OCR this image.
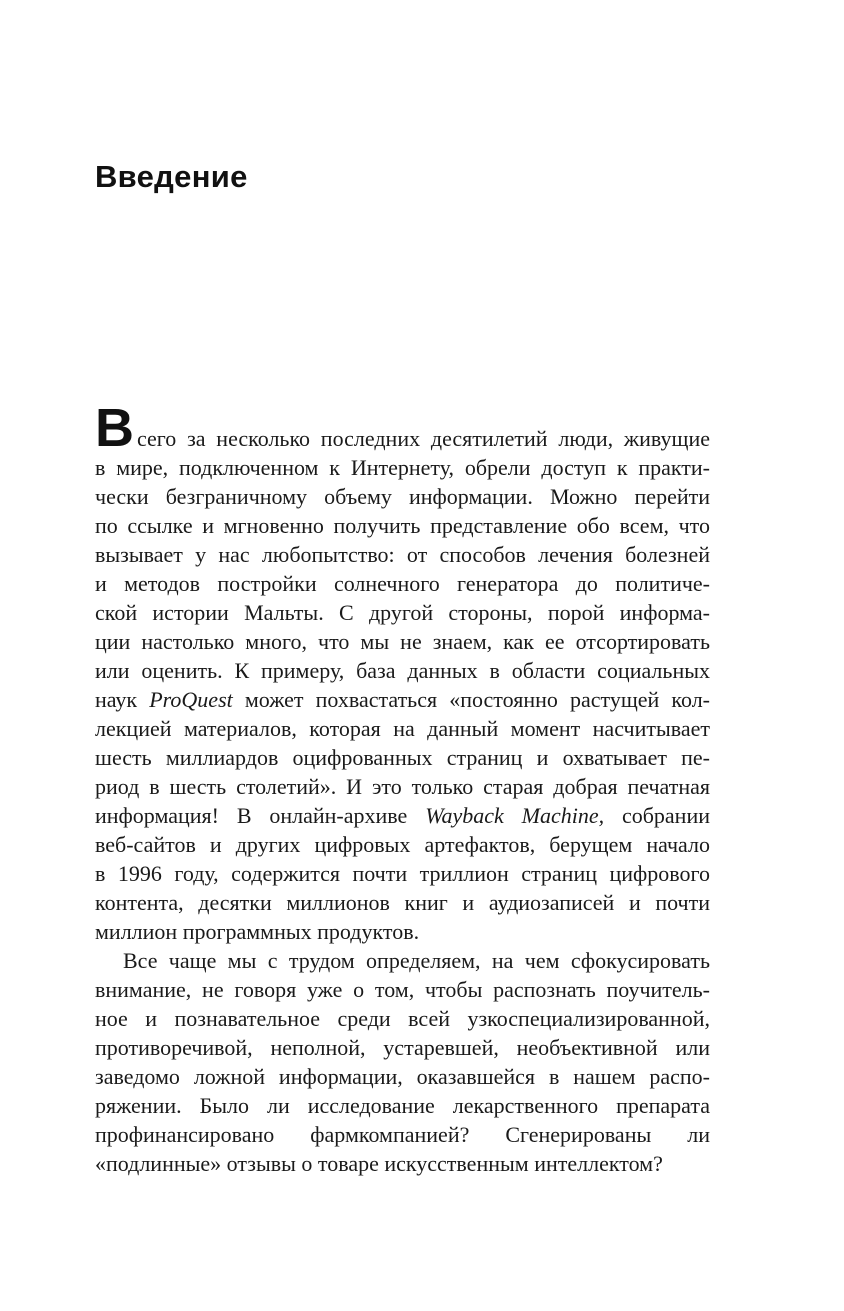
Введение
Всего за несколько последних десятилетий люди, живущие
в мире, подключенном к Интернету, обрели доступ к практи-
чески безграничному объему информации. Можно перейти
по ссылке и мгновенно получить представление обо всем, что
вызывает у нас любопытство: от способов лечения болезней
и методов постройки солнечного генератора до политиче-
ской истории Мальты. С другой стороны, порой информа-
ции настолько много, что мы не знаем, как ее отсортировать
или оценить. К примеру, база данных в области социальных
наук ProQuest может похвастаться «постоянно растущей кол-
лекцией материалов, которая на данный момент насчитывает
шесть миллиардов оцифрованных страниц и охватывает пе-
риод в шесть столетий». И это только старая добрая печатная
информация! В онлайн-архиве Wayback Machine, собрании
веб-сайтов и других цифровых артефактов, берущем начало
в 1996 году, содержится почти триллион страниц цифрового
контента, десятки миллионов книг и аудиозаписей и почти
миллион программных продуктов.
Все чаще мы с трудом определяем, на чем сфокусировать
внимание, не говоря уже о том, чтобы распознать поучитель-
ное и познавательное среди всей узкоспециализированной,
противоречивой, неполной, устаревшей, необъективной или
заведомо ложной информации, оказавшейся в нашем распо-
ряжении. Было ли исследование лекарственного препарата
профинансировано фармкомпанией? Сгенерированы ли
«подлинные» отзывы о товаре искусственным интеллектом?
